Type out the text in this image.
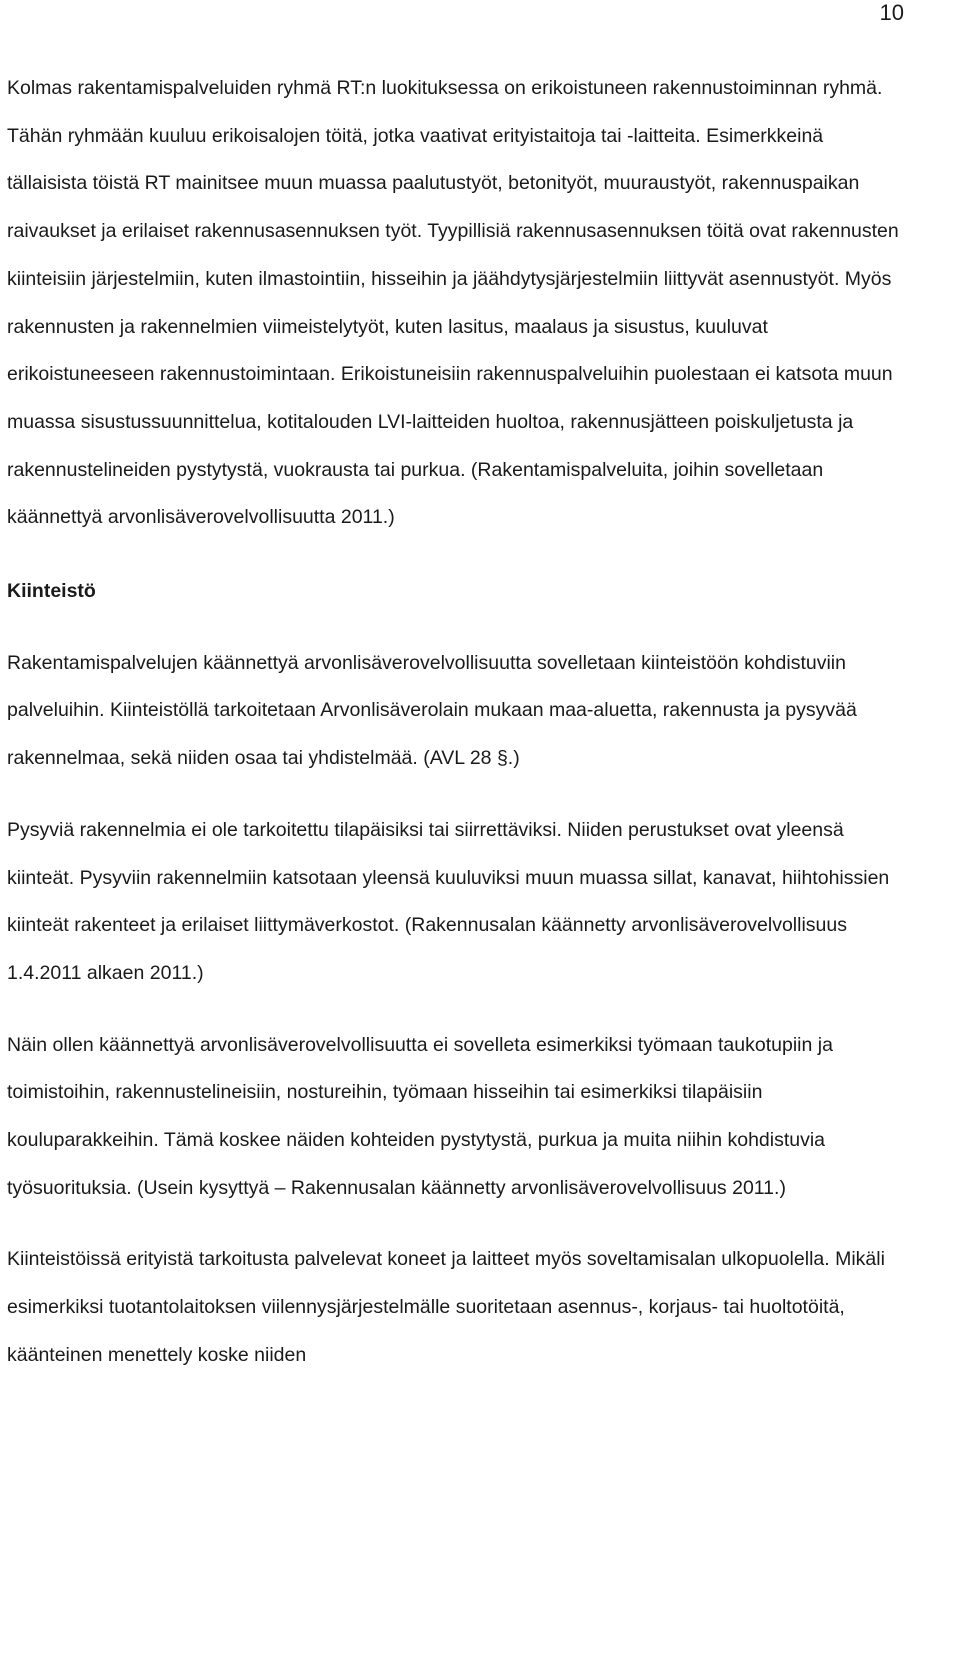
10

Kolmas rakentamispalveluiden ryhmä RT:n luokituksessa on erikoistuneen rakennustoiminnan ryhmä. Tähän ryhmään kuuluu erikoisalojen töitä, jotka vaativat erityistaitoja tai -laitteita. Esimerkkeinä tällaisista töistä RT mainitsee muun muassa paalutustyöt, betonityöt, muuraustyöt, rakennuspaikan raivaukset ja erilaiset rakennusasennuksen työt. Tyypillisiä rakennusasennuksen töitä ovat rakennusten kiinteisiin järjestelmiin, kuten ilmastointiin, hisseihin ja jäähdytysjärjestelmiin liittyvät asennustyöt. Myös rakennusten ja rakennelmien viimeistelytyöt, kuten lasitus, maalaus ja sisustus, kuuluvat erikoistuneeseen rakennustoimintaan. Erikoistuneisiin rakennuspalveluihin puolestaan ei katsota muun muassa sisustussuunnittelua, kotitalouden LVI-laitteiden huoltoa, rakennusjätteen poiskuljetusta ja rakennustelineiden pystytystä, vuokrausta tai purkua. (Rakentamispalveluita, joihin sovelletaan käännettyä arvonlisäverovelvollisuutta 2011.)

Kiinteistö

Rakentamispalvelujen käännettyä arvonlisäverovelvollisuutta sovelletaan kiinteistöön kohdistuviin palveluihin. Kiinteistöllä tarkoitetaan Arvonlisäverolain mukaan maa-aluetta, rakennusta ja pysyvää rakennelmaa, sekä niiden osaa tai yhdistelmää. (AVL 28 §.)

Pysyviä rakennelmia ei ole tarkoitettu tilapäisiksi tai siirrettäviksi. Niiden perustukset ovat yleensä kiinteät. Pysyviin rakennelmiin katsotaan yleensä kuuluviksi muun muassa sillat, kanavat, hiihtohissien kiinteät rakenteet ja erilaiset liittymäverkostot. (Rakennusalan käännetty arvonlisäverovelvollisuus 1.4.2011 alkaen 2011.)

Näin ollen käännettyä arvonlisäverovelvollisuutta ei sovelleta esimerkiksi työmaan taukotupiin ja toimistoihin, rakennustelineisiin, nostureihin, työmaan hisseihin tai esimerkiksi tilapäisiin kouluparakkeihin. Tämä koskee näiden kohteiden pystytystä, purkua ja muita niihin kohdistuvia työsuorituksia. (Usein kysyttyä – Rakennusalan käännetty arvonlisäverovelvollisuus 2011.)

Kiinteistöissä erityistä tarkoitusta palvelevat koneet ja laitteet myös soveltamisalan ulkopuolella. Mikäli esimerkiksi tuotantolaitoksen viilennysjärjestelmälle suoritetaan asennus-, korjaus- tai huoltotöitä, käänteinen menettely koske niiden
